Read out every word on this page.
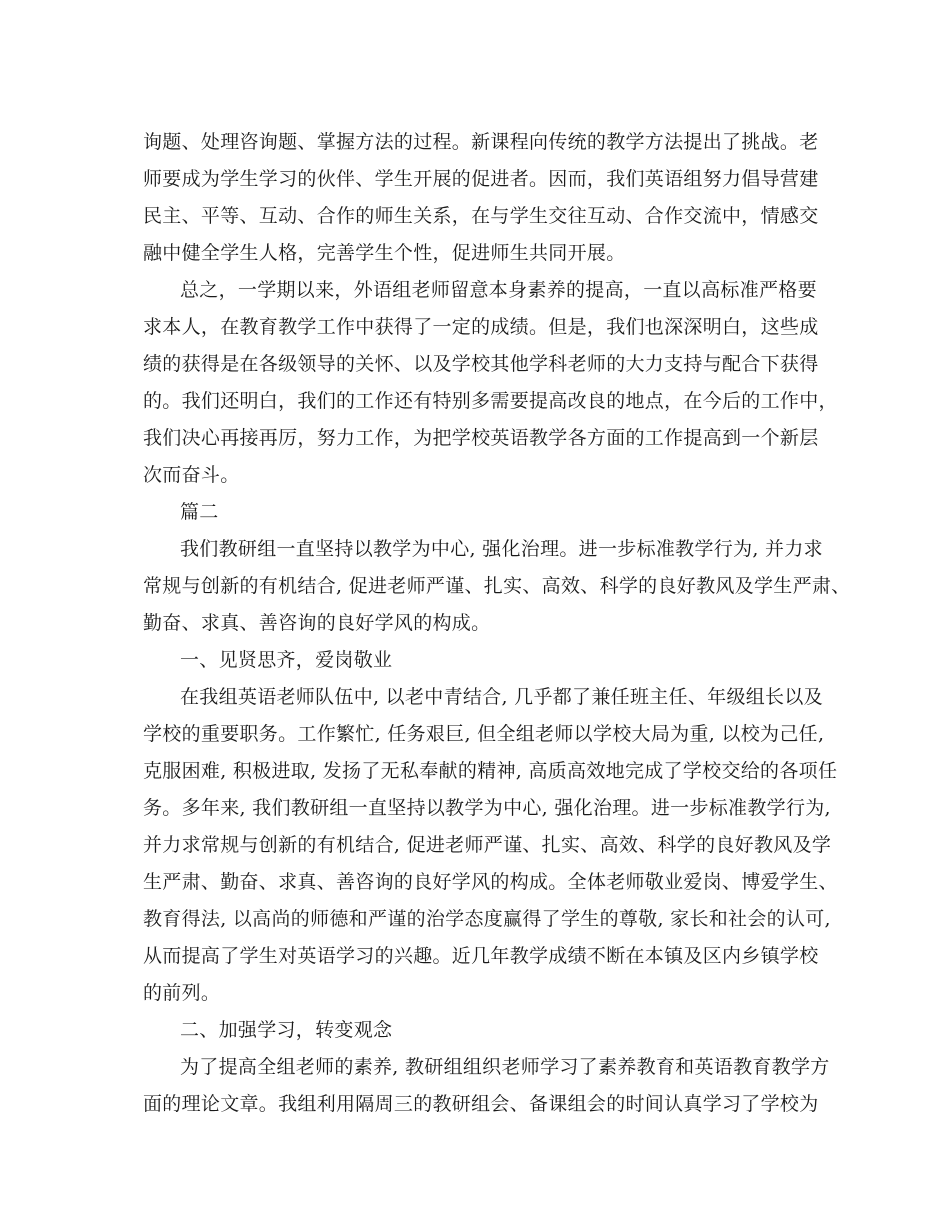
询题、处理咨询题、掌握方法的过程。新课程向传统的教学方法提出了挑战。老
师要成为学生学习的伙伴、学生开展的促进者。因而，我们英语组努力倡导营建
民主、平等、互动、合作的师生关系，在与学生交往互动、合作交流中，情感交
融中健全学生人格，完善学生个性，促进师生共同开展。
总之，一学期以来，外语组老师留意本身素养的提高，一直以高标准严格要
求本人，在教育教学工作中获得了一定的成绩。但是，我们也深深明白，这些成
绩的获得是在各级领导的关怀、以及学校其他学科老师的大力支持与配合下获得
的。我们还明白，我们的工作还有特别多需要提高改良的地点，在今后的工作中，
我们决心再接再厉，努力工作，为把学校英语教学各方面的工作提高到一个新层
次而奋斗。
篇二
我们教研组一直坚持以教学为中心, 强化治理。进一步标准教学行为, 并力求
常规与创新的有机结合, 促进老师严谨、扎实、高效、科学的良好教风及学生严肃、
勤奋、求真、善咨询的良好学风的构成。
一、见贤思齐，爱岗敬业
在我组英语老师队伍中, 以老中青结合, 几乎都了兼任班主任、年级组长以及
学校的重要职务。工作繁忙, 任务艰巨, 但全组老师以学校大局为重, 以校为己任,
克服困难, 积极进取, 发扬了无私奉献的精神, 高质高效地完成了学校交给的各项任
务。多年来, 我们教研组一直坚持以教学为中心, 强化治理。进一步标准教学行为,
并力求常规与创新的有机结合, 促进老师严谨、扎实、高效、科学的良好教风及学
生严肃、勤奋、求真、善咨询的良好学风的构成。全体老师敬业爱岗、博爱学生、
教育得法, 以高尚的师德和严谨的治学态度赢得了学生的尊敬, 家长和社会的认可,
从而提高了学生对英语学习的兴趣。近几年教学成绩不断在本镇及区内乡镇学校
的前列。
二、加强学习，转变观念
为了提高全组老师的素养, 教研组组织老师学习了素养教育和英语教育教学方
面的理论文章。我组利用隔周三的教研组会、备课组会的时间认真学习了学校为
